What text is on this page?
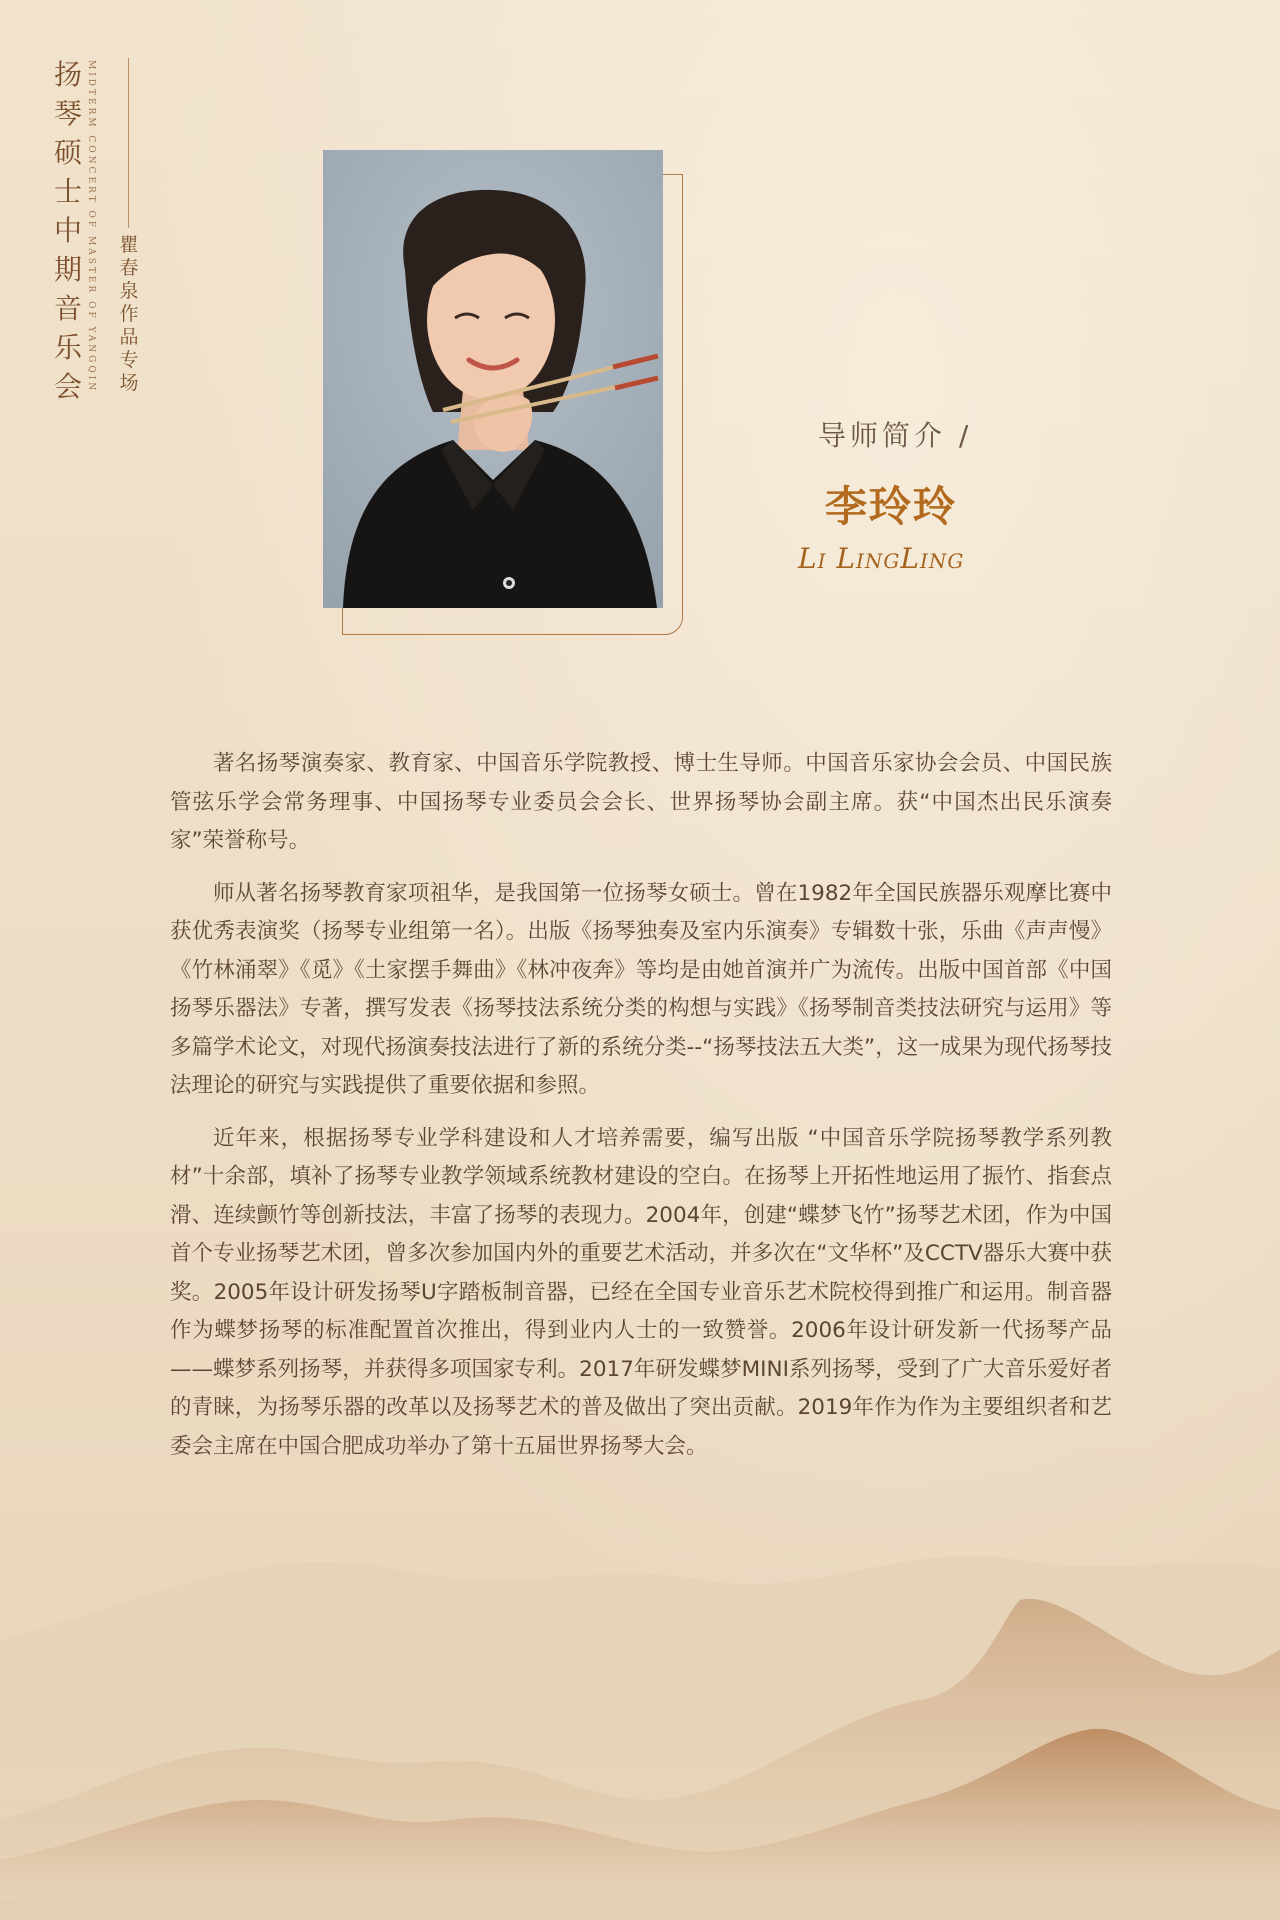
扬琴硕士中期音乐会 MIDTERM CONCERT OF MASTER OF YANGQIN 瞿春泉作品专场
导师简介 /
李玲玲
Li LingLing

著名扬琴演奏家、教育家、中国音乐学院教授、博士生导师。中国音乐家协会会员、中国民族管弦乐学会常务理事、中国扬琴专业委员会会长、世界扬琴协会副主席。获“中国杰出民乐演奏家”荣誉称号。

师从著名扬琴教育家项祖华，是我国第一位扬琴女硕士。曾在1982年全国民族器乐观摩比赛中获优秀表演奖（扬琴专业组第一名）。出版《扬琴独奏及室内乐演奏》专辑数十张，乐曲《声声慢》《竹林涌翠》《觅》《土家摆手舞曲》《林冲夜奔》等均是由她首演并广为流传。出版中国首部《中国扬琴乐器法》专著，撰写发表《扬琴技法系统分类的构想与实践》《扬琴制音类技法研究与运用》等多篇学术论文，对现代扬演奏技法进行了新的系统分类--“扬琴技法五大类”，这一成果为现代扬琴技法理论的研究与实践提供了重要依据和参照。

近年来，根据扬琴专业学科建设和人才培养需要，编写出版 “中国音乐学院扬琴教学系列教材”十余部，填补了扬琴专业教学领域系统教材建设的空白。在扬琴上开拓性地运用了振竹、指套点滑、连续颤竹等创新技法，丰富了扬琴的表现力。2004年，创建“蝶梦飞竹”扬琴艺术团，作为中国首个专业扬琴艺术团，曾多次参加国内外的重要艺术活动，并多次在“文华杯”及CCTV器乐大赛中获奖。2005年设计研发扬琴U字踏板制音器，已经在全国专业音乐艺术院校得到推广和运用。制音器作为蝶梦扬琴的标准配置首次推出，得到业内人士的一致赞誉。2006年设计研发新一代扬琴产品——蝶梦系列扬琴，并获得多项国家专利。2017年研发蝶梦MINI系列扬琴，受到了广大音乐爱好者的青睐，为扬琴乐器的改革以及扬琴艺术的普及做出了突出贡献。2019年作为作为主要组织者和艺委会主席在中国合肥成功举办了第十五届世界扬琴大会。
